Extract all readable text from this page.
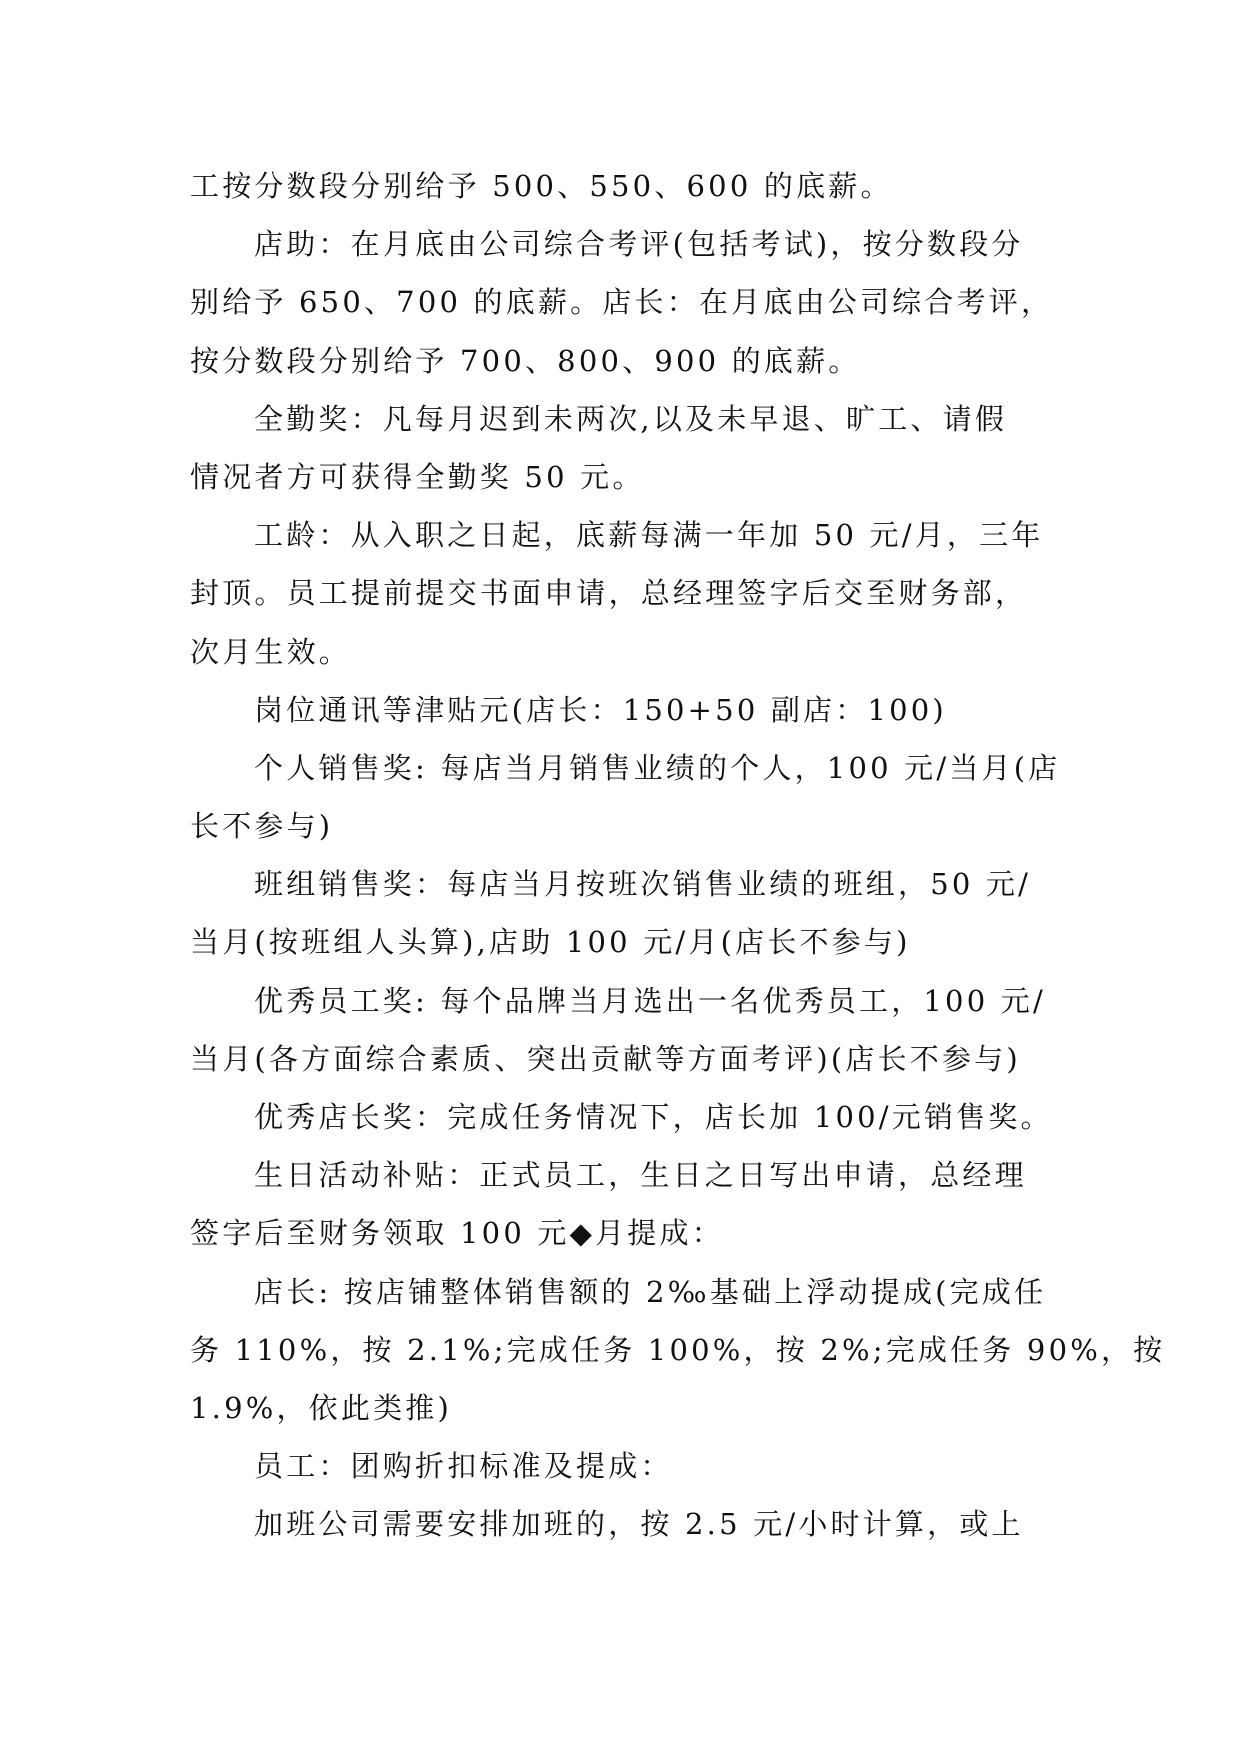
工按分数段分别给予 500、550、600 的底薪。

店助：在月底由公司综合考评(包括考试)，按分数段分
别给予 650、700 的底薪。店长：在月底由公司综合考评，
按分数段分别给予 700、800、900 的底薪。

全勤奖：凡每月迟到未两次,以及未早退、旷工、请假
情况者方可获得全勤奖 50 元。

工龄：从入职之日起，底薪每满一年加 50 元/月，三年
封顶。员工提前提交书面申请，总经理签字后交至财务部，
次月生效。

岗位通讯等津贴元(店长：150+50 副店：100)

个人销售奖: 每店当月销售业绩的个人，100 元/当月(店
长不参与)

班组销售奖：每店当月按班次销售业绩的班组，50 元/
当月(按班组人头算),店助 100 元/月(店长不参与)

优秀员工奖: 每个品牌当月选出一名优秀员工，100 元/
当月(各方面综合素质、突出贡献等方面考评)(店长不参与)

优秀店长奖：完成任务情况下，店长加 100/元销售奖。

生日活动补贴：正式员工，生日之日写出申请，总经理
签字后至财务领取 100 元◆月提成：

店长: 按店铺整体销售额的 2‰基础上浮动提成(完成任
务 110%，按 2.1%;完成任务 100%，按 2%;完成任务 90%，按
1.9%，依此类推)

员工：团购折扣标准及提成：

加班公司需要安排加班的，按 2.5 元/小时计算，或上
